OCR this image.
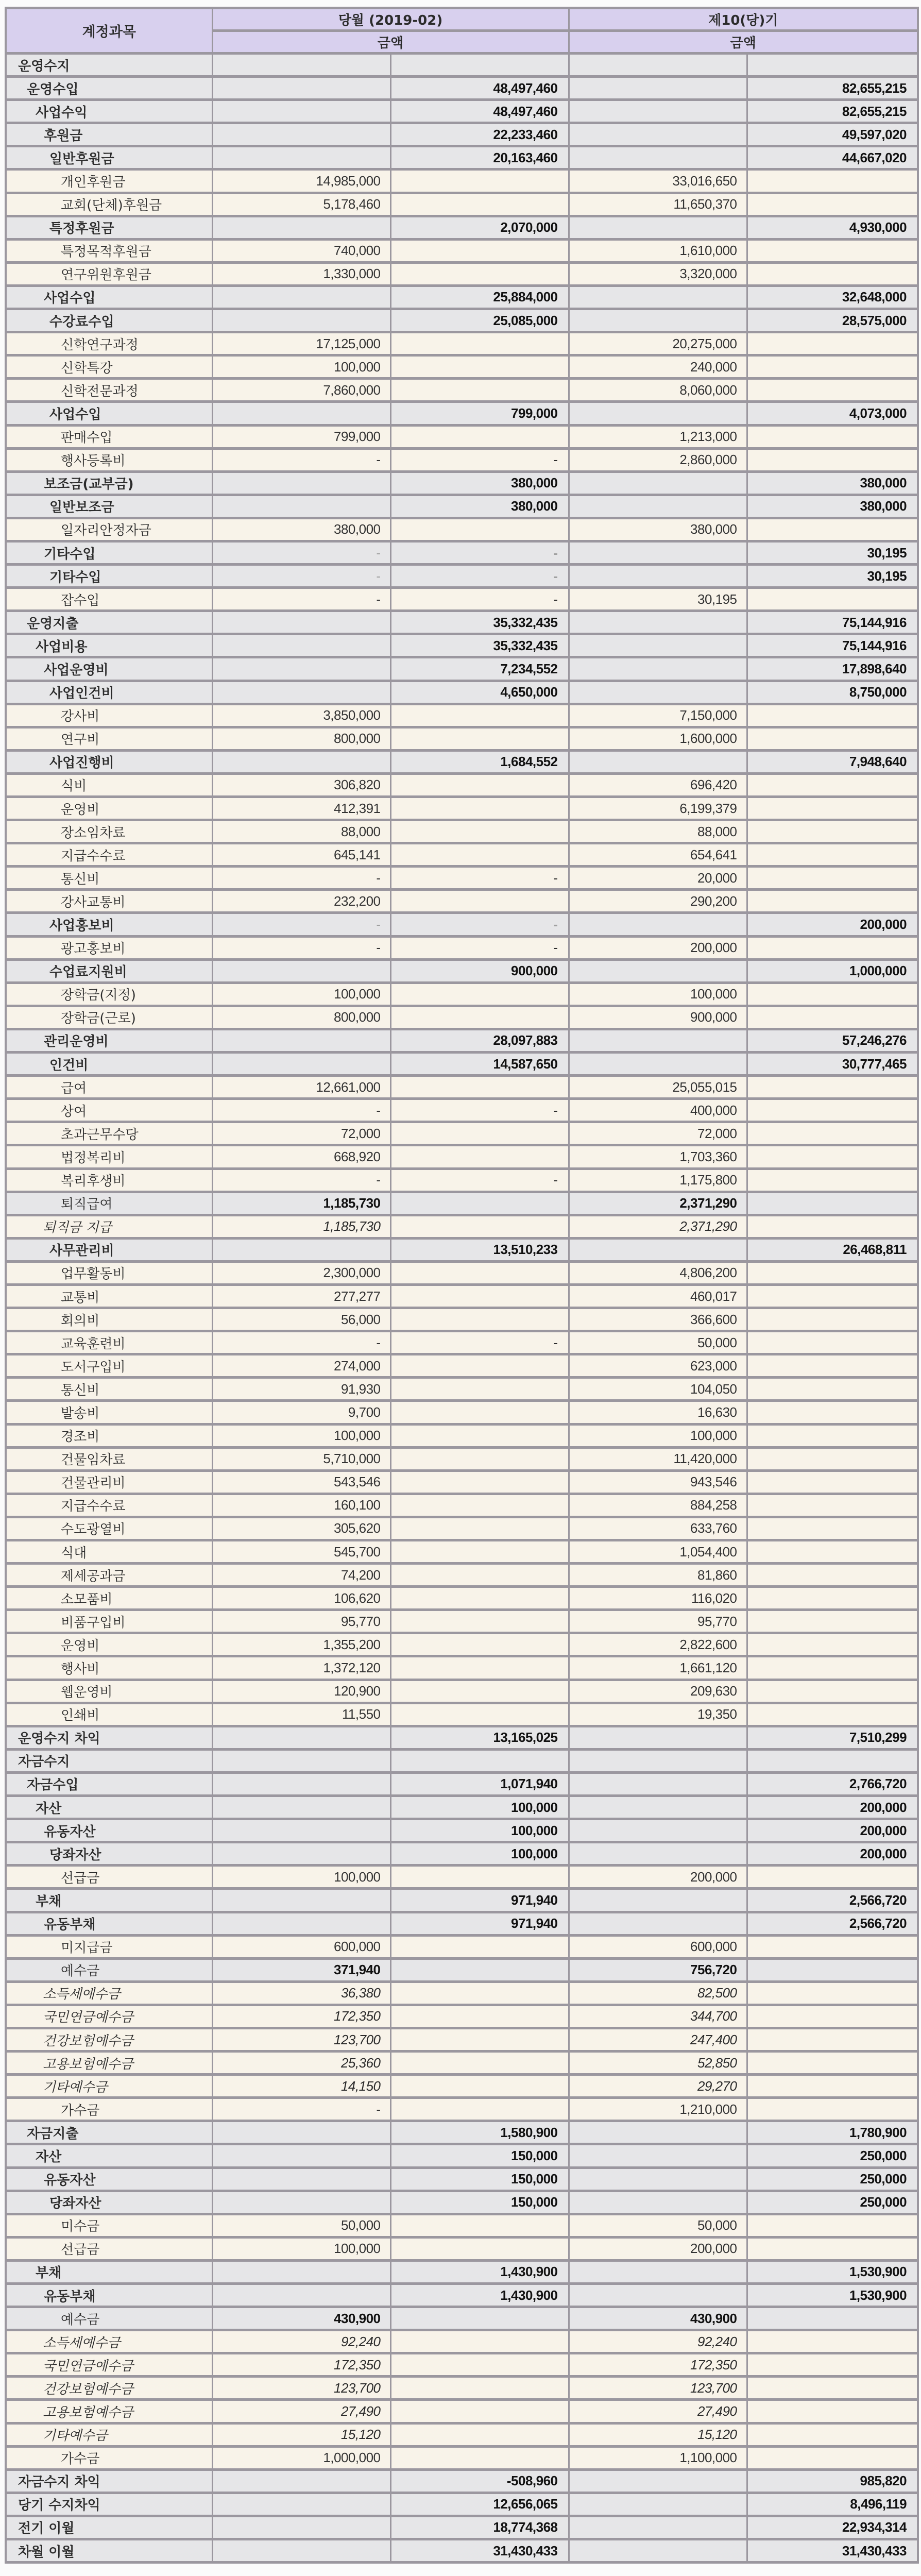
계정과목	당월 (2019-02)		제10(당)기	
	금액		금액	
운영수지				
운영수입		48,497,460		82,655,215
사업수익		48,497,460		82,655,215
후원금		22,233,460		49,597,020
일반후원금		20,163,460		44,667,020
개인후원금	14,985,000		33,016,650	
교회(단체)후원금	5,178,460		11,650,370	
특정후원금		2,070,000		4,930,000
특정목적후원금	740,000		1,610,000	
연구위원후원금	1,330,000		3,320,000	
사업수입		25,884,000		32,648,000
수강료수입		25,085,000		28,575,000
신학연구과정	17,125,000		20,275,000	
신학특강	100,000		240,000	
신학전문과정	7,860,000		8,060,000	
사업수입		799,000		4,073,000
판매수입	799,000		1,213,000	
행사등록비	-	-	2,860,000	
보조금(교부금)		380,000		380,000
일반보조금		380,000		380,000
일자리안정자금	380,000		380,000	
기타수입	-	-		30,195
기타수입	-	-		30,195
잡수입	-	-	30,195	
운영지출		35,332,435		75,144,916
사업비용		35,332,435		75,144,916
사업운영비		7,234,552		17,898,640
사업인건비		4,650,000		8,750,000
강사비	3,850,000		7,150,000	
연구비	800,000		1,600,000	
사업진행비		1,684,552		7,948,640
식비	306,820		696,420	
운영비	412,391		6,199,379	
장소임차료	88,000		88,000	
지급수수료	645,141		654,641	
통신비	-	-	20,000	
강사교통비	232,200		290,200	
사업홍보비	-	-		200,000
광고홍보비	-	-	200,000	
수업료지원비		900,000		1,000,000
장학금(지정)	100,000		100,000	
장학금(근로)	800,000		900,000	
관리운영비		28,097,883		57,246,276
인건비		14,587,650		30,777,465
급여	12,661,000		25,055,015	
상여	-	-	400,000	
초과근무수당	72,000		72,000	
법정복리비	668,920		1,703,360	
복리후생비	-	-	1,175,800	
퇴직급여	1,185,730		2,371,290	
퇴직금 지급	1,185,730		2,371,290	
사무관리비		13,510,233		26,468,811
업무활동비	2,300,000		4,806,200	
교통비	277,277		460,017	
회의비	56,000		366,600	
교육훈련비	-	-	50,000	
도서구입비	274,000		623,000	
통신비	91,930		104,050	
발송비	9,700		16,630	
경조비	100,000		100,000	
건물임차료	5,710,000		11,420,000	
건물관리비	543,546		943,546	
지급수수료	160,100		884,258	
수도광열비	305,620		633,760	
식대	545,700		1,054,400	
제세공과금	74,200		81,860	
소모품비	106,620		116,020	
비품구입비	95,770		95,770	
운영비	1,355,200		2,822,600	
행사비	1,372,120		1,661,120	
웹운영비	120,900		209,630	
인쇄비	11,550		19,350	
운영수지 차익		13,165,025		7,510,299
자금수지				
자금수입		1,071,940		2,766,720
자산		100,000		200,000
유동자산		100,000		200,000
당좌자산		100,000		200,000
선급금	100,000		200,000	
부채		971,940		2,566,720
유동부채		971,940		2,566,720
미지급금	600,000		600,000	
예수금	371,940		756,720	
소득세예수금	36,380		82,500	
국민연금예수금	172,350		344,700	
건강보험예수금	123,700		247,400	
고용보험예수금	25,360		52,850	
기타예수금	14,150		29,270	
가수금	-		1,210,000	
자금지출		1,580,900		1,780,900
자산		150,000		250,000
유동자산		150,000		250,000
당좌자산		150,000		250,000
미수금	50,000		50,000	
선급금	100,000		200,000	
부채		1,430,900		1,530,900
유동부채		1,430,900		1,530,900
예수금	430,900		430,900	
소득세예수금	92,240		92,240	
국민연금예수금	172,350		172,350	
건강보험예수금	123,700		123,700	
고용보험예수금	27,490		27,490	
기타예수금	15,120		15,120	
가수금	1,000,000		1,100,000	
자금수지 차익		-508,960		985,820
당기 수지차익		12,656,065		8,496,119
전기 이월		18,774,368		22,934,314
차월 이월		31,430,433		31,430,433
